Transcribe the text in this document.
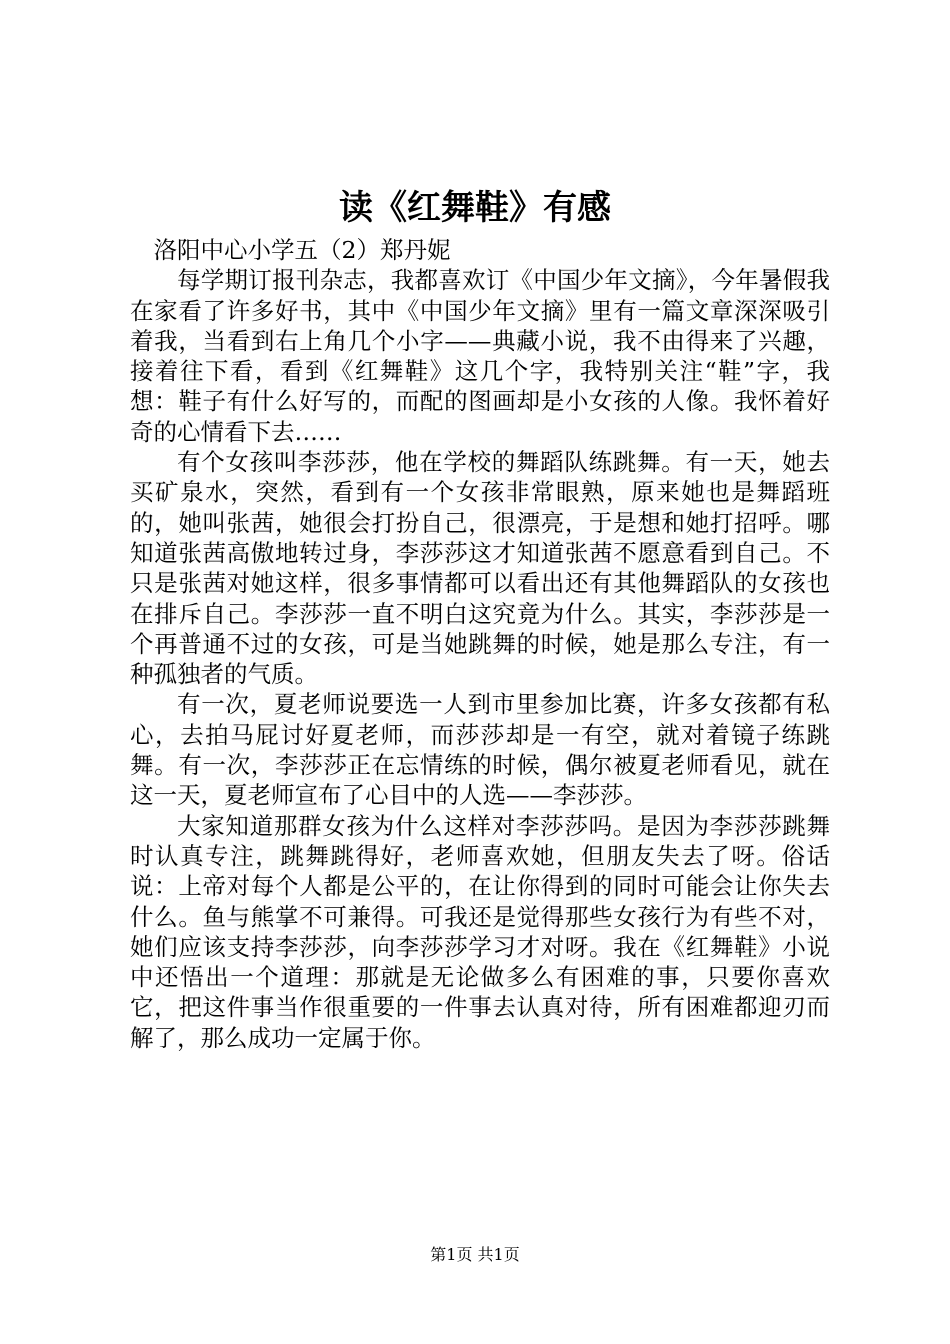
读《红舞鞋》有感

洛阳中心小学五（2）郑丹妮

每学期订报刊杂志，我都喜欢订《中国少年文摘》，今年暑假我在家看了许多好书，其中《中国少年文摘》里有一篇文章深深吸引着我，当看到右上角几个小字——典藏小说，我不由得来了兴趣，接着往下看，看到《红舞鞋》这几个字，我特别关注“鞋”字，我想：鞋子有什么好写的，而配的图画却是小女孩的人像。我怀着好奇的心情看下去……

有个女孩叫李莎莎，他在学校的舞蹈队练跳舞。有一天，她去买矿泉水，突然，看到有一个女孩非常眼熟，原来她也是舞蹈班的，她叫张茜，她很会打扮自己，很漂亮，于是想和她打招呼。哪知道张茜高傲地转过身，李莎莎这才知道张茜不愿意看到自己。不只是张茜对她这样，很多事情都可以看出还有其他舞蹈队的女孩也在排斥自己。李莎莎一直不明白这究竟为什么。其实，李莎莎是一个再普通不过的女孩，可是当她跳舞的时候，她是那么专注，有一种孤独者的气质。

有一次，夏老师说要选一人到市里参加比赛，许多女孩都有私心，去拍马屁讨好夏老师，而莎莎却是一有空，就对着镜子练跳舞。有一次，李莎莎正在忘情练的时候，偶尔被夏老师看见，就在这一天，夏老师宣布了心目中的人选——李莎莎。

大家知道那群女孩为什么这样对李莎莎吗。是因为李莎莎跳舞时认真专注，跳舞跳得好，老师喜欢她，但朋友失去了呀。俗话说：上帝对每个人都是公平的，在让你得到的同时可能会让你失去什么。鱼与熊掌不可兼得。可我还是觉得那些女孩行为有些不对，她们应该支持李莎莎，向李莎莎学习才对呀。我在《红舞鞋》小说中还悟出一个道理：那就是无论做多么有困难的事，只要你喜欢它，把这件事当作很重要的一件事去认真对待，所有困难都迎刃而解了，那么成功一定属于你。

第1页 共1页
